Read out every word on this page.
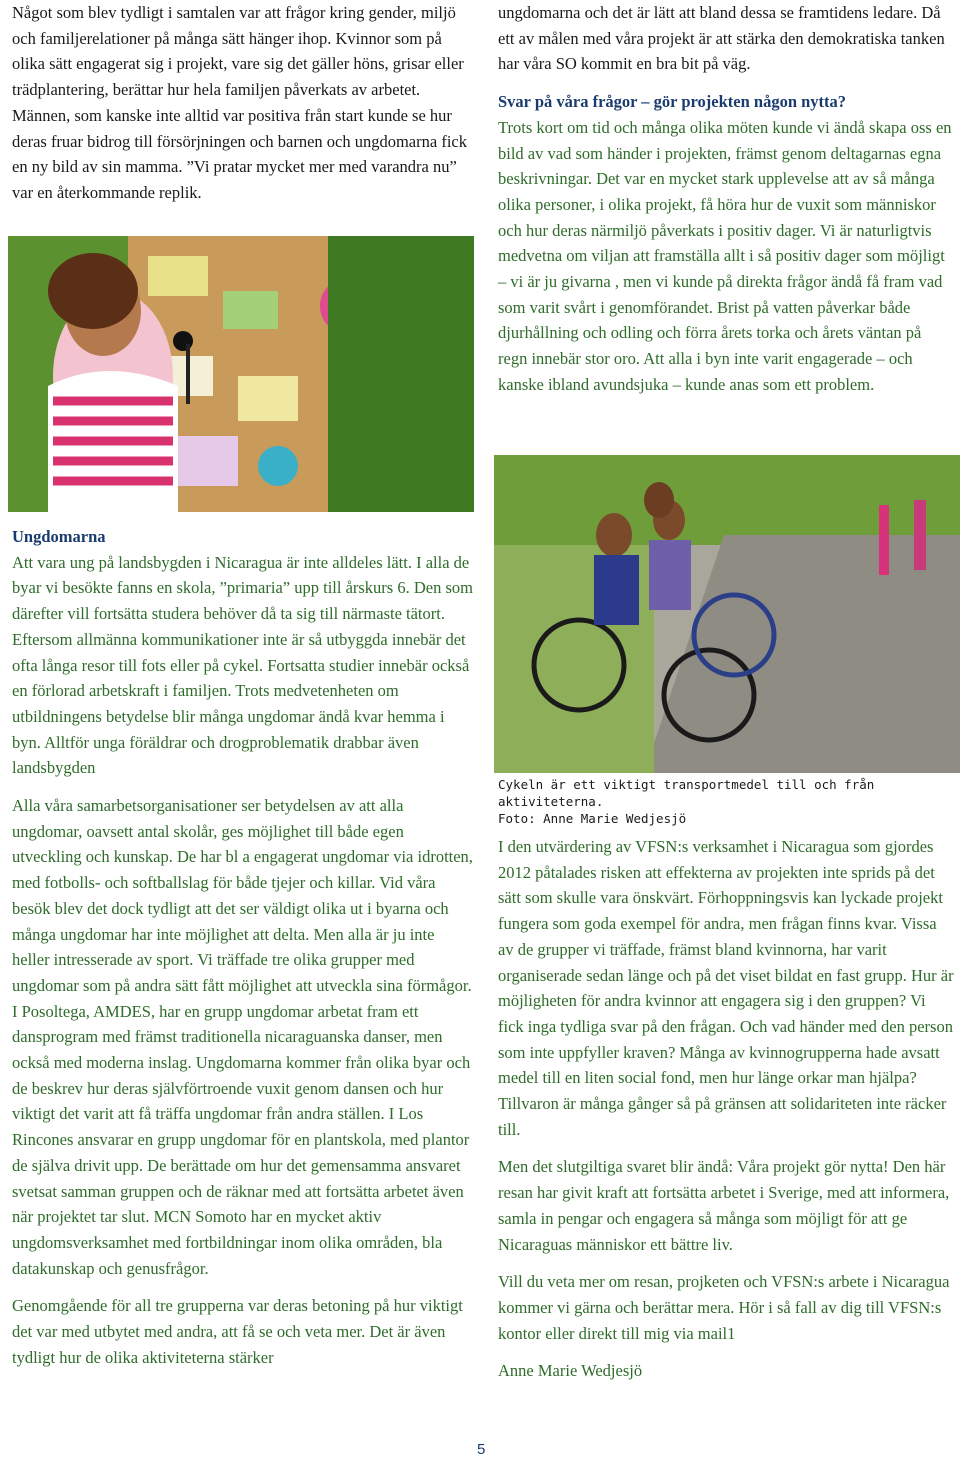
Något som blev tydligt i samtalen var att frågor kring gender, miljö och familjerelationer på många sätt hänger ihop. Kvinnor som på olika sätt engagerat sig i projekt, vare sig det gäller höns, grisar eller trädplantering, berättar hur hela familjen påverkats av arbetet. Männen, som kanske inte alltid var positiva från start kunde se hur deras fruar bidrog till försörjningen och barnen och ungdomarna fick en ny bild av sin mamma. ”Vi pratar mycket mer med varandra nu” var en återkommande replik.

Ungdomarna

Att vara ung på landsbygden i Nicaragua är inte alldeles lätt. I alla de byar vi besökte fanns en skola, ”primaria” upp till årskurs 6. Den som därefter vill fortsätta studera behöver då ta sig till närmaste tätort. Eftersom allmänna kommunikationer inte är så utbyggda innebär det ofta långa resor till fots eller på cykel. Fortsatta studier innebär också en förlorad arbetskraft i familjen. Trots medvetenheten om utbildningens betydelse blir många ungdomar ändå kvar hemma i byn. Alltför unga föräldrar och drogproblematik drabbar även landsbygden

Alla våra samarbetsorganisationer ser betydelsen av att alla ungdomar, oavsett antal skolår, ges möjlighet till både egen utveckling och kunskap. De har bl a engagerat ungdomar via idrotten, med fotbolls- och softballslag för både tjejer och killar. Vid våra besök blev det dock tydligt att det ser väldigt olika ut i byarna och många ungdomar har inte möjlighet att delta. Men alla är ju inte heller intresserade av sport. Vi träffade tre olika grupper med ungdomar som på andra sätt fått möjlighet att utveckla sina förmågor. I Posoltega, AMDES, har en grupp ungdomar arbetat fram ett dansprogram med främst traditionella nicaraguanska danser, men också med moderna inslag. Ungdomarna kommer från olika byar och de beskrev hur deras självförtroende vuxit genom dansen och hur viktigt det varit att få träffa ungdomar från andra ställen. I Los Rincones ansvarar en grupp ungdomar för en plantskola, med plantor de själva drivit upp. De berättade om hur det gemensamma ansvaret svetsat samman gruppen och de räknar med att fortsätta arbetet även när projektet tar slut. MCN Somoto har en mycket aktiv ungdomsverksamhet med fortbildningar inom olika områden, bla datakunskap och genusfrågor.

Genomgående för all tre grupperna var deras betoning på hur viktigt det var med utbytet med andra, att få se och veta mer. Det är även tydligt hur de olika aktiviteterna stärker

ungdomarna och det är lätt att bland dessa se framtidens ledare. Då ett av målen med våra projekt är att stärka den demokratiska tanken har våra SO kommit en bra bit på väg.

Svar på våra frågor – gör projekten någon nytta?

Trots kort om tid och många olika möten kunde vi ändå skapa oss en bild av vad som händer i projekten, främst genom deltagarnas egna beskrivningar. Det var en mycket stark upplevelse att av så många olika personer, i olika projekt, få höra hur de vuxit som människor och hur deras närmiljö påverkats i positiv dager. Vi är naturligtvis medvetna om viljan att framställa allt i så positiv dager som möjligt – vi är ju givarna , men vi kunde på direkta frågor ändå få fram vad som varit svårt i genomförandet. Brist på vatten påverkar både djurhållning och odling och förra årets torka och årets väntan på regn innebär stor oro. Att alla i byn inte varit engagerade – och kanske ibland avundsjuka – kunde anas som ett problem.

Cykeln är ett viktigt transportmedel till och från aktiviteterna.
Foto: Anne Marie Wedjesjö

I den utvärdering av VFSN:s verksamhet i Nicaragua som gjordes 2012 påtalades risken att effekterna av projekten inte sprids på det sätt som skulle vara önskvärt. Förhoppningsvis kan lyckade projekt fungera som goda exempel för andra, men frågan finns kvar. Vissa av de grupper vi träffade, främst bland kvinnorna, har varit organiserade sedan länge och på det viset bildat en fast grupp. Hur är möjligheten för andra kvinnor att engagera sig i den gruppen? Vi fick inga tydliga svar på den frågan. Och vad händer med den person som inte uppfyller kraven? Många av kvinnogrupperna hade avsatt medel till en liten social fond, men hur länge orkar man hjälpa? Tillvaron är många gånger så på gränsen att solidariteten inte räcker till.

Men det slutgiltiga svaret blir ändå: Våra projekt gör nytta! Den här resan har givit kraft att fortsätta arbetet i Sverige, med att informera, samla in pengar och engagera så många som möjligt för att ge Nicaraguas människor ett bättre liv.

Vill du veta mer om resan, projketen och VFSN:s arbete i Nicaragua kommer vi gärna och berättar mera. Hör i så fall av dig till VFSN:s kontor eller direkt till mig via mail1

Anne Marie Wedjesjö

5
